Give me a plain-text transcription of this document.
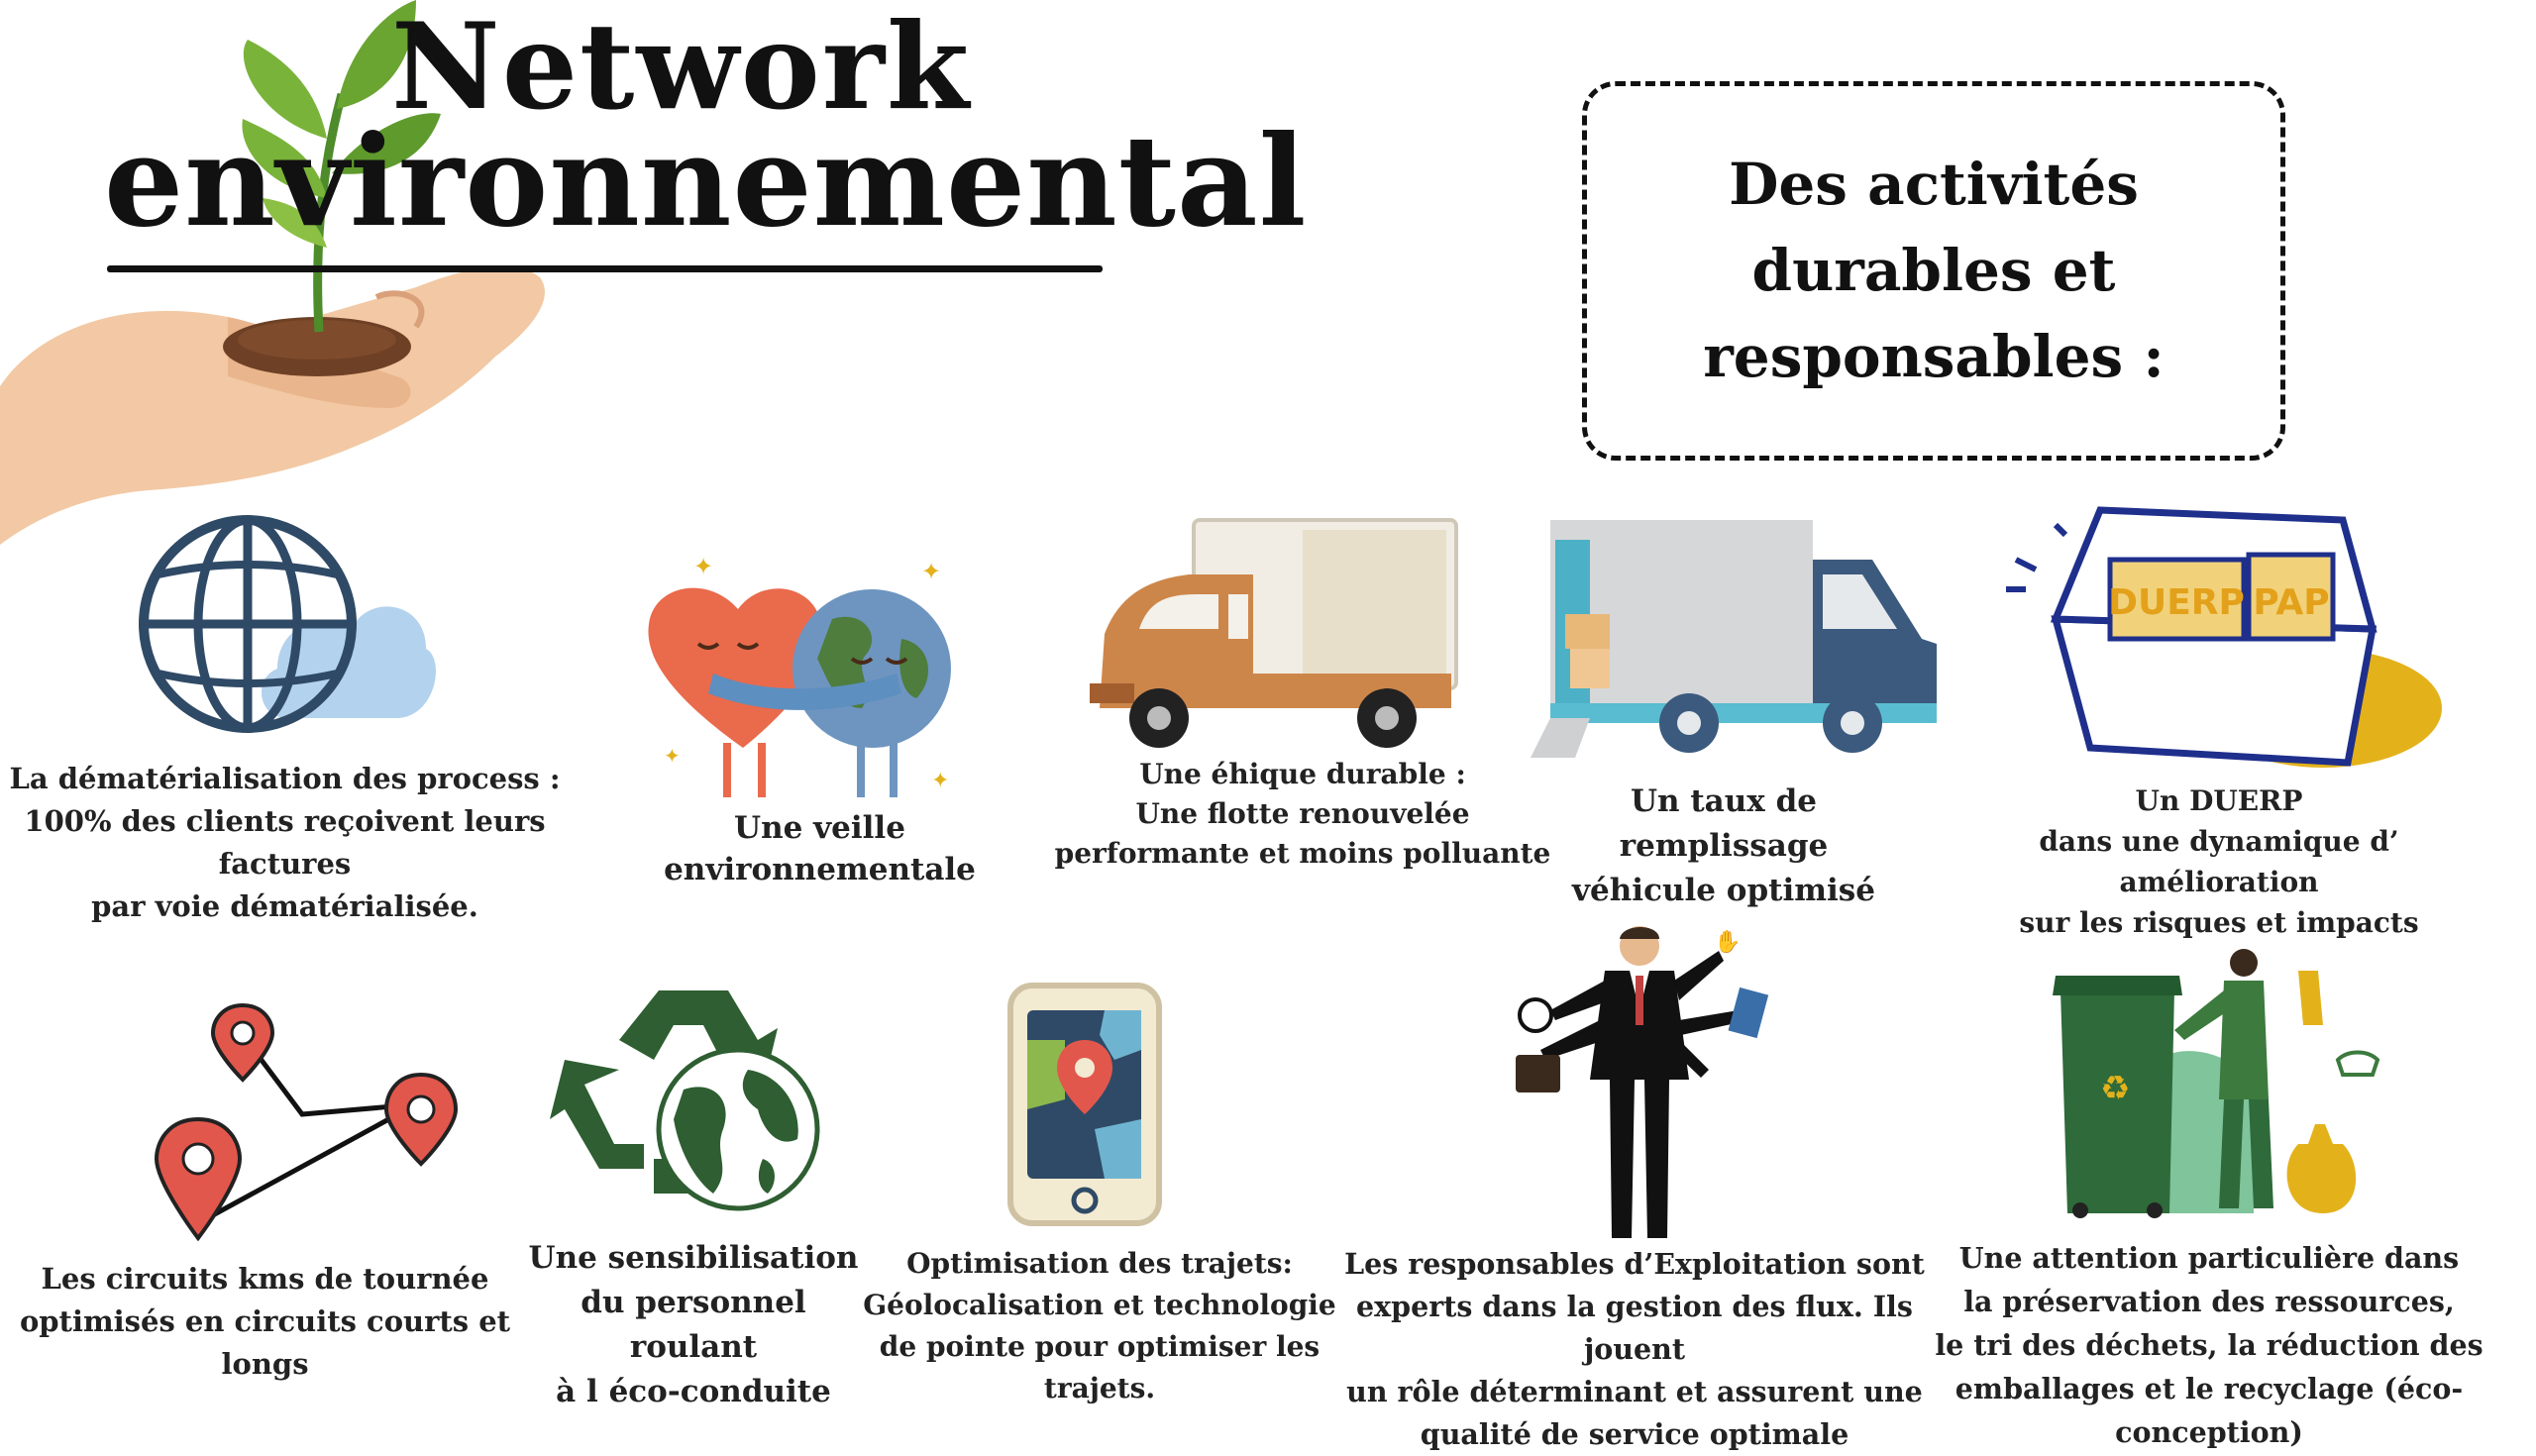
Network
environnemental	Des activités durables et
responsables :
✦	✦
✦
✦
DUERP PAP
La dématérialisation des process :
100% des clients reçoivent leurs factures
par voie dématérialisée.
Une veille environnementale
Une éhique durable :
Une flotte renouvelée
performante et moins polluante
Un taux de remplissage
véhicule optimisé
Un DUERP
dans une dynamique d’ amélioration
sur les risques et impacts
✋
♻
Les circuits kms de tournée
optimisés en circuits courts et longs
Une sensibilisation
du personnel roulant
à l éco-conduite
Optimisation des trajets:
Géolocalisation et technologie
de pointe pour optimiser les trajets.
Les responsables d’Exploitation sont
experts dans la gestion des flux. Ils jouent
un rôle déterminant et assurent une
qualité de service optimale
Une attention particulière dans
la préservation des ressources,
le tri des déchets, la réduction des
emballages et le recyclage (éco-conception)
